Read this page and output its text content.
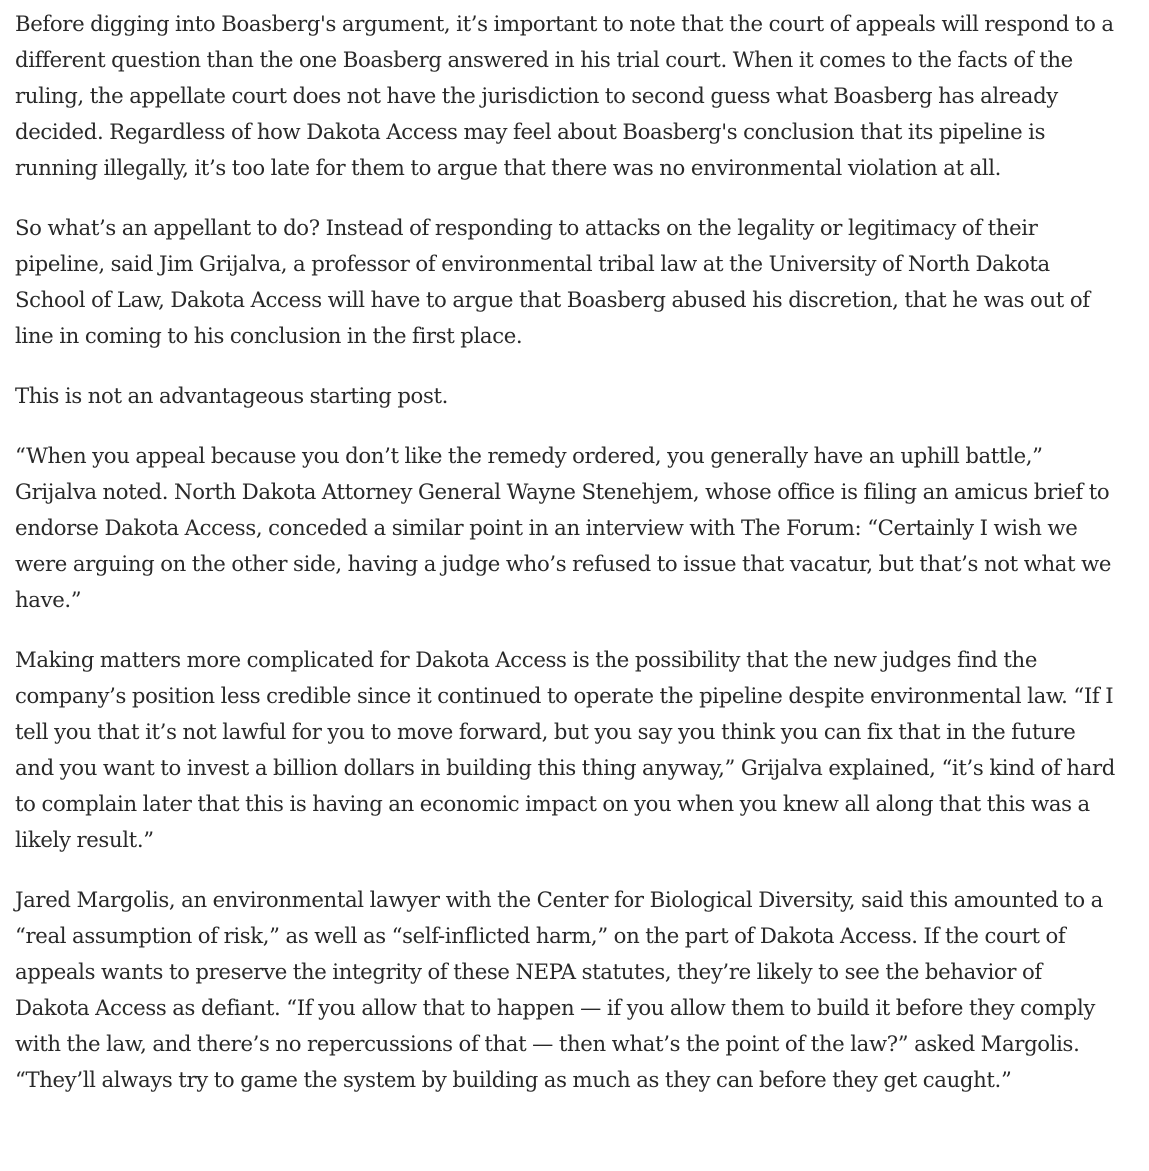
Before digging into Boasberg's argument, it’s important to note that the court of appeals will respond to a different question than the one Boasberg answered in his trial court. When it comes to the facts of the ruling, the appellate court does not have the jurisdiction to second guess what Boasberg has already decided. Regardless of how Dakota Access may feel about Boasberg's conclusion that its pipeline is running illegally, it’s too late for them to argue that there was no environmental violation at all.

So what’s an appellant to do? Instead of responding to attacks on the legality or legitimacy of their pipeline, said Jim Grijalva, a professor of environmental tribal law at the University of North Dakota School of Law, Dakota Access will have to argue that Boasberg abused his discretion, that he was out of line in coming to his conclusion in the first place.

This is not an advantageous starting post.

“When you appeal because you don’t like the remedy ordered, you generally have an uphill battle,” Grijalva noted. North Dakota Attorney General Wayne Stenehjem, whose office is filing an amicus brief to endorse Dakota Access, conceded a similar point in an interview with The Forum: “Certainly I wish we were arguing on the other side, having a judge who’s refused to issue that vacatur, but that’s not what we have.”

Making matters more complicated for Dakota Access is the possibility that the new judges find the company’s position less credible since it continued to operate the pipeline despite environmental law. “If I tell you that it’s not lawful for you to move forward, but you say you think you can fix that in the future and you want to invest a billion dollars in building this thing anyway,” Grijalva explained, “it’s kind of hard to complain later that this is having an economic impact on you when you knew all along that this was a likely result.”

Jared Margolis, an environmental lawyer with the Center for Biological Diversity, said this amounted to a “real assumption of risk,” as well as “self-inflicted harm,” on the part of Dakota Access. If the court of appeals wants to preserve the integrity of these NEPA statutes, they’re likely to see the behavior of Dakota Access as defiant. “If you allow that to happen — if you allow them to build it before they comply with the law, and there’s no repercussions of that — then what’s the point of the law?” asked Margolis. “They’ll always try to game the system by building as much as they can before they get caught.”
